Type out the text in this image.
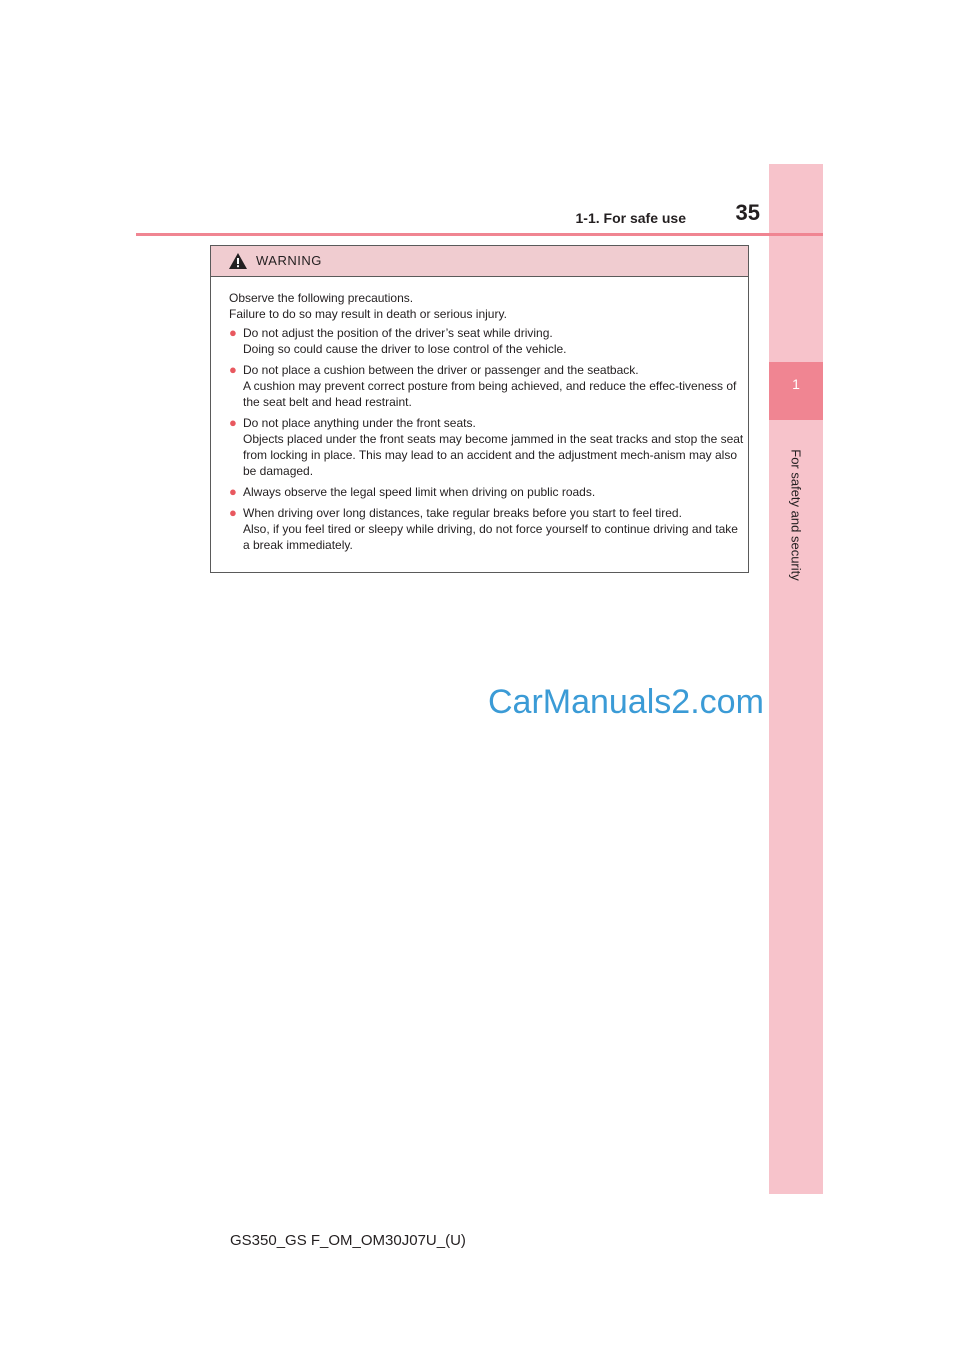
1
For safety and security
1-1. For safe use	35
WARNING

Observe the following precautions.

Failure to do so may result in death or serious injury.

● Do not adjust the position of the driver’s seat while driving.

Doing so could cause the driver to lose control of the vehicle.

● Do not place a cushion between the driver or passenger and the seatback.

A cushion may prevent correct posture from being achieved, and reduce the effec-tiveness of the seat belt and head restraint.

● Do not place anything under the front seats.

Objects placed under the front seats may become jammed in the seat tracks and stop the seat from locking in place. This may lead to an accident and the adjustment mech-anism may also be damaged.

● Always observe the legal speed limit when driving on public roads.

● When driving over long distances, take regular breaks before you start to feel tired.

Also, if you feel tired or sleepy while driving, do not force yourself to continue driving and take a break immediately.

CarManuals2.com
GS350_GS F_OM_OM30J07U_(U)
